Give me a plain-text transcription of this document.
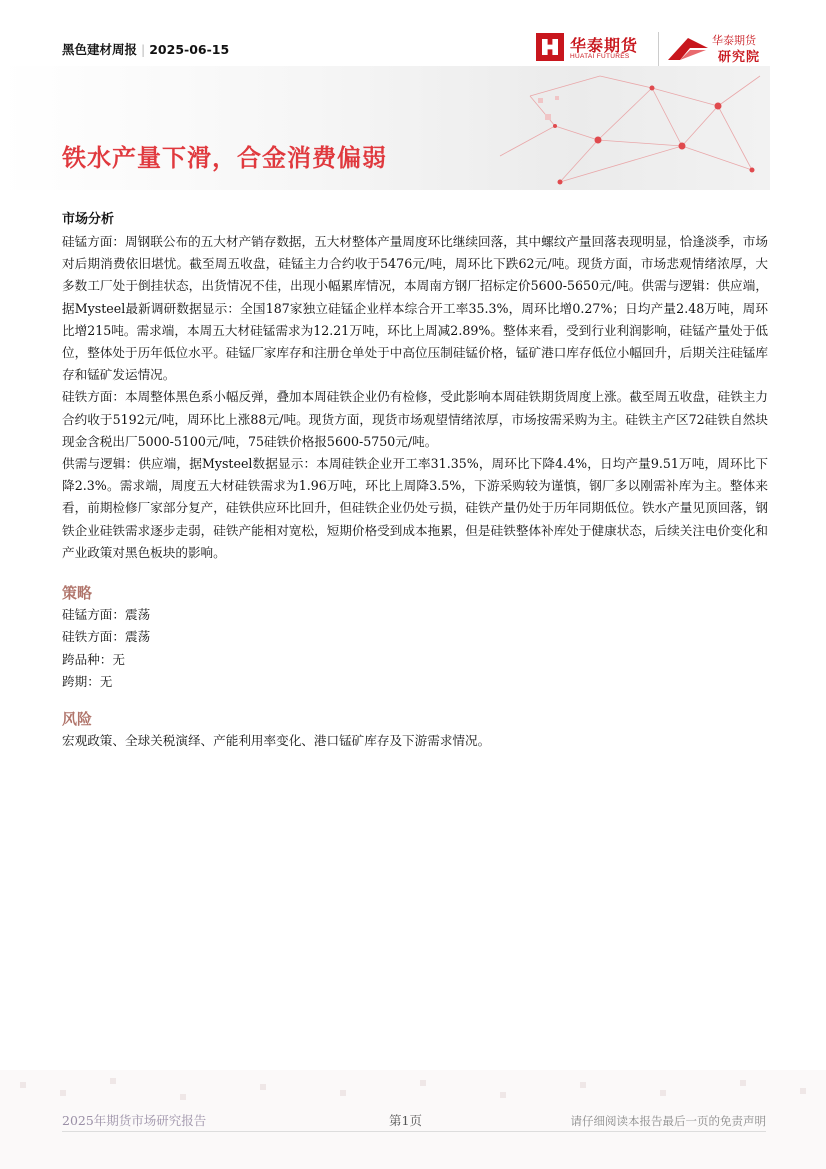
黑色建材周报 | 2025-06-15	华泰期货
HUATAI FUTURES
华泰期货
研究院
铁水产量下滑，合金消费偏弱
市场分析
硅锰方面：周钢联公布的五大材产销存数据，五大材整体产量周度环比继续回落，其中螺纹产量回落表现明显，恰逢淡季，市场对后期消费依旧堪忧。截至周五收盘，硅锰主力合约收于5476元/吨，周环比下跌62元/吨。现货方面，市场悲观情绪浓厚，大多数工厂处于倒挂状态，出货情况不佳，出现小幅累库情况，本周南方钢厂招标定价5600-5650元/吨。供需与逻辑：供应端，据Mysteel最新调研数据显示：全国187家独立硅锰企业样本综合开工率35.3%，周环比增0.27%；日均产量2.48万吨，周环比增215吨。需求端，本周五大材硅锰需求为12.21万吨，环比上周减2.89%。整体来看，受到行业利润影响，硅锰产量处于低位，整体处于历年低位水平。硅锰厂家库存和注册仓单处于中高位压制硅锰价格，锰矿港口库存低位小幅回升，后期关注硅锰库存和锰矿发运情况。
硅铁方面：本周整体黑色系小幅反弹，叠加本周硅铁企业仍有检修，受此影响本周硅铁期货周度上涨。截至周五收盘，硅铁主力合约收于5192元/吨，周环比上涨88元/吨。现货方面，现货市场观望情绪浓厚，市场按需采购为主。硅铁主产区72硅铁自然块现金含税出厂5000-5100元/吨，75硅铁价格报5600-5750元/吨。
供需与逻辑：供应端，据Mysteel数据显示：本周硅铁企业开工率31.35%，周环比下降4.4%，日均产量9.51万吨，周环比下降2.3%。需求端，周度五大材硅铁需求为1.96万吨，环比上周降3.5%，下游采购较为谨慎，钢厂多以刚需补库为主。整体来看，前期检修厂家部分复产，硅铁供应环比回升，但硅铁企业仍处亏损，硅铁产量仍处于历年同期低位。铁水产量见顶回落，钢铁企业硅铁需求逐步走弱，硅铁产能相对宽松，短期价格受到成本拖累，但是硅铁整体补库处于健康状态，后续关注电价变化和产业政策对黑色板块的影响。
策略
硅锰方面：震荡
硅铁方面：震荡
跨品种：无
跨期：无
风险
宏观政策、全球关税演绎、产能利用率变化、港口锰矿库存及下游需求情况。
2025年期货市场研究报告	第1页	请仔细阅读本报告最后一页的免责声明
